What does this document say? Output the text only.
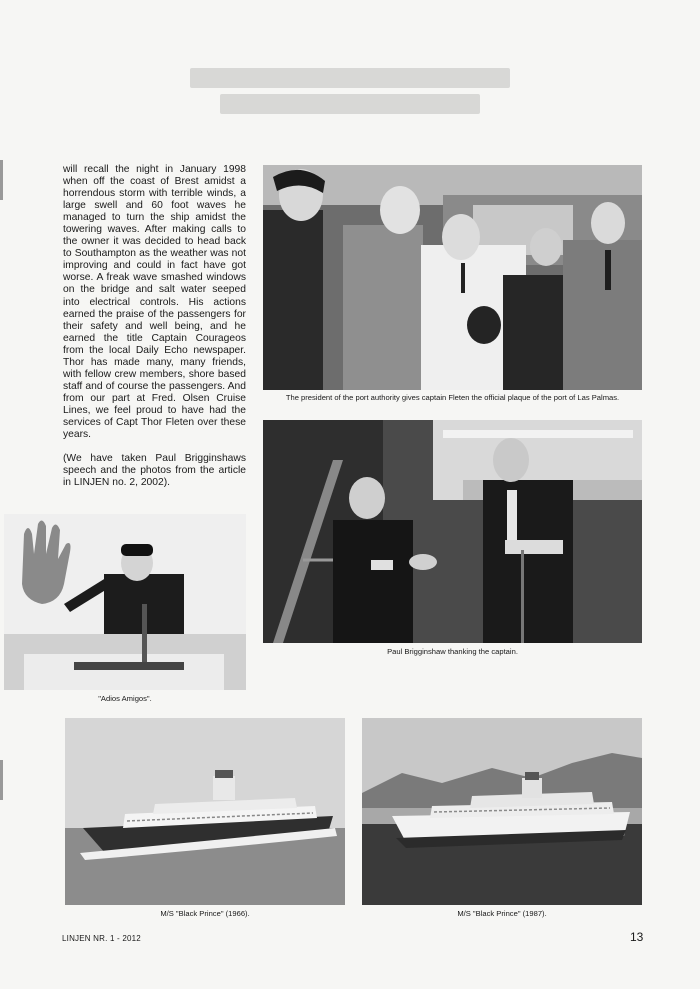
will recall the night in January 1998 when off the coast of Brest amidst a horrendous storm with terrible winds, a large swell and 60 foot waves he managed to turn the ship amidst the towering waves. After making calls to the owner it was decided to head back to Southampton as the weather was not improving and could in fact have got worse. A freak wave smashed windows on the bridge and salt water seeped into electrical controls. His actions earned the praise of the passengers for their safety and well being, and he earned the title Captain Courageos from the local Daily Echo newspaper. Thor has made many, many friends, with fellow crew members, shore based staff and of course the passengers. And from our part at Fred. Olsen Cruise Lines, we feel proud to have had the services of Capt Thor Fleten over these years.

(We have taken Paul Brigginshaws speech and the photos from the article in LINJEN no. 2, 2002).

The president of the port authority gives captain Fleten the official plaque of the port of Las Palmas.

"Adios Amigos".

Paul Brigginshaw thanking the captain.

M/S "Black Prince" (1966).	M/S "Black Prince" (1987).

LINJEN NR. 1 - 2012	13
